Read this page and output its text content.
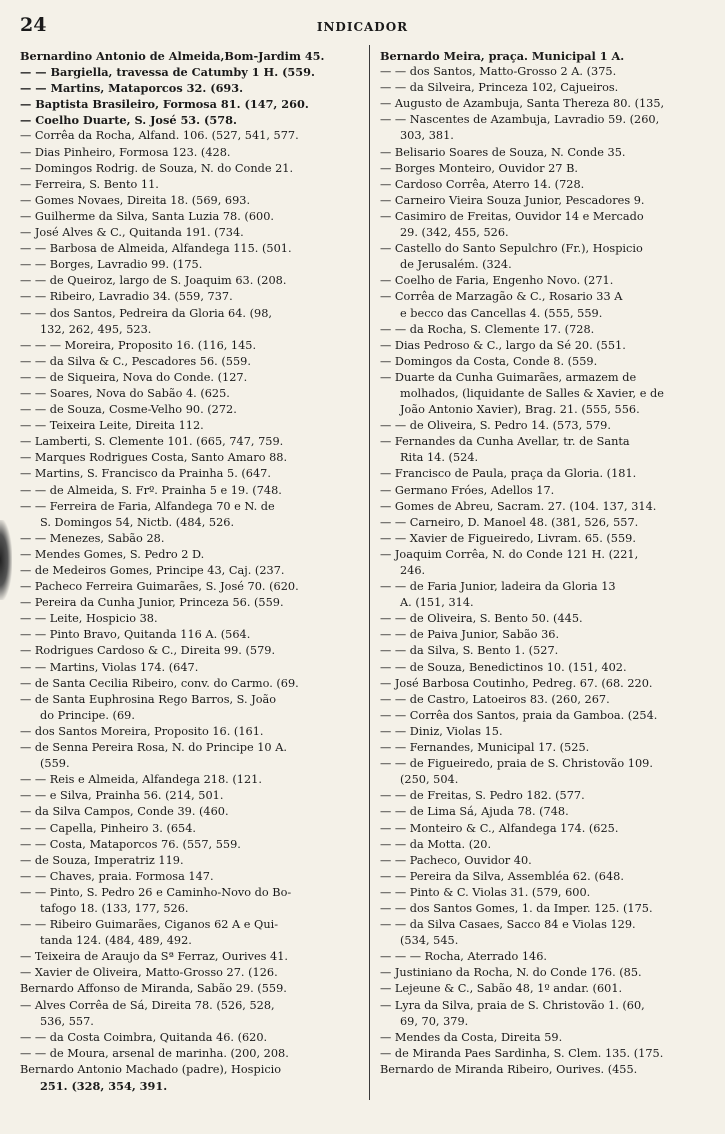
24	INDICADOR
Bernardino Antonio de Almeida,Bom-Jardim 45.
— — Bargiella, travessa de Catumby 1 H. (559.
— — Martins, Mataporcos 32. (693.
— Baptista Brasileiro, Formosa 81. (147, 260.
— Coelho Duarte, S. José 53. (578.
— Corrêa da Rocha, Alfand. 106. (527, 541, 577.
— Dias Pinheiro, Formosa 123. (428.
— Domingos Rodrig. de Souza, N. do Conde 21.
— Ferreira, S. Bento 11.
— Gomes Novaes, Direita 18. (569, 693.
— Guilherme da Silva, Santa Luzia 78. (600.
— José Alves & C., Quitanda 191. (734.
— — Barbosa de Almeida, Alfandega 115. (501.
— — Borges, Lavradio 99. (175.
— — de Queiroz, largo de S. Joaquim 63. (208.
— — Ribeiro, Lavradio 34. (559, 737.
— — dos Santos, Pedreira da Gloria 64. (98,
132, 262, 495, 523.
— — — Moreira, Proposito 16. (116, 145.
— — da Silva & C., Pescadores 56. (559.
— — de Siqueira, Nova do Conde. (127.
— — Soares, Nova do Sabão 4. (625.
— — de Souza, Cosme-Velho 90. (272.
— — Teixeira Leite, Direita 112.
— Lamberti, S. Clemente 101. (665, 747, 759.
— Marques Rodrigues Costa, Santo Amaro 88.
— Martins, S. Francisco da Prainha 5. (647.
— — de Almeida, S. Frº. Prainha 5 e 19. (748.
— — Ferreira de Faria, Alfandega 70 e N. de
S. Domingos 54, Nictb. (484, 526.
— — Menezes, Sabão 28.
— Mendes Gomes, S. Pedro 2 D.
— de Medeiros Gomes, Principe 43, Caj. (237.
— Pacheco Ferreira Guimarães, S. José 70. (620.
— Pereira da Cunha Junior, Princeza 56. (559.
— — Leite, Hospicio 38.
— — Pinto Bravo, Quitanda 116 A. (564.
— Rodrigues Cardoso & C., Direita 99. (579.
— — Martins, Violas 174. (647.
— de Santa Cecilia Ribeiro, conv. do Carmo. (69.
— de Santa Euphrosina Rego Barros, S. João
do Principe. (69.
— dos Santos Moreira, Proposito 16. (161.
— de Senna Pereira Rosa, N. do Principe 10 A.
(559.
— — Reis e Almeida, Alfandega 218. (121.
— — e Silva, Prainha 56. (214, 501.
— da Silva Campos, Conde 39. (460.
— — Capella, Pinheiro 3. (654.
— — Costa, Mataporcos 76. (557, 559.
— de Souza, Imperatriz 119.
— — Chaves, praia. Formosa 147.
— — Pinto, S. Pedro 26 e Caminho-Novo do Bo-
tafogo 18. (133, 177, 526.
— — Ribeiro Guimarães, Ciganos 62 A e Qui-
tanda 124. (484, 489, 492.
— Teixeira de Araujo da Sª Ferraz, Ourives 41.
— Xavier de Oliveira, Matto-Grosso 27. (126.
Bernardo Affonso de Miranda, Sabão 29. (559.
— Alves Corrêa de Sá, Direita 78. (526, 528,
536, 557.
— — da Costa Coimbra, Quitanda 46. (620.
— — de Moura, arsenal de marinha. (200, 208.
Bernardo Antonio Machado (padre), Hospicio
251. (328, 354, 391.
Bernardo Meira, praça. Municipal 1 A.
— — dos Santos, Matto-Grosso 2 A. (375.
— — da Silveira, Princeza 102, Cajueiros.
— Augusto de Azambuja, Santa Thereza 80. (135,
— — Nascentes de Azambuja, Lavradio 59. (260,
303, 381.
— Belisario Soares de Souza, N. Conde 35.
— Borges Monteiro, Ouvidor 27 B.
— Cardoso Corrêa, Aterro 14. (728.
— Carneiro Vieira Souza Junior, Pescadores 9.
— Casimiro de Freitas, Ouvidor 14 e Mercado
29. (342, 455, 526.
— Castello do Santo Sepulchro (Fr.), Hospicio
de Jerusalém. (324.
— Coelho de Faria, Engenho Novo. (271.
— Corrêa de Marzagão & C., Rosario 33 A
e becco das Cancellas 4. (555, 559.
— — da Rocha, S. Clemente 17. (728.
— Dias Pedroso & C., largo da Sé 20. (551.
— Domingos da Costa, Conde 8. (559.
— Duarte da Cunha Guimarães, armazem de
molhados, (liquidante de Salles & Xavier, e de
João Antonio Xavier), Brag. 21. (555, 556.
— — de Oliveira, S. Pedro 14. (573, 579.
— Fernandes da Cunha Avellar, tr. de Santa
Rita 14. (524.
— Francisco de Paula, praça da Gloria. (181.
— Germano Fróes, Adellos 17.
— Gomes de Abreu, Sacram. 27. (104. 137, 314.
— — Carneiro, D. Manoel 48. (381, 526, 557.
— — Xavier de Figueiredo, Livram. 65. (559.
— Joaquim Corrêa, N. do Conde 121 H. (221,
246.
— — de Faria Junior, ladeira da Gloria 13
A. (151, 314.
— — de Oliveira, S. Bento 50. (445.
— — de Paiva Junior, Sabão 36.
— — da Silva, S. Bento 1. (527.
— — de Souza, Benedictinos 10. (151, 402.
— José Barbosa Coutinho, Pedreg. 67. (68. 220.
— — de Castro, Latoeiros 83. (260, 267.
— — Corrêa dos Santos, praia da Gamboa. (254.
— — Diniz, Violas 15.
— — Fernandes, Municipal 17. (525.
— — de Figueiredo, praia de S. Christovão 109.
(250, 504.
— — de Freitas, S. Pedro 182. (577.
— — de Lima Sá, Ajuda 78. (748.
— — Monteiro & C., Alfandega 174. (625.
— — da Motta. (20.
— — Pacheco, Ouvidor 40.
— — Pereira da Silva, Assembléa 62. (648.
— — Pinto & C. Violas 31. (579, 600.
— — dos Santos Gomes, 1. da Imper. 125. (175.
— — da Silva Casaes, Sacco 84 e Violas 129.
(534, 545.
— — — Rocha, Aterrado 146.
— Justiniano da Rocha, N. do Conde 176. (85.
— Lejeune & C., Sabão 48, 1º andar. (601.
— Lyra da Silva, praia de S. Christovão 1. (60,
69, 70, 379.
— Mendes da Costa, Direita 59.
— de Miranda Paes Sardinha, S. Clem. 135. (175.
Bernardo de Miranda Ribeiro, Ourives. (455.
